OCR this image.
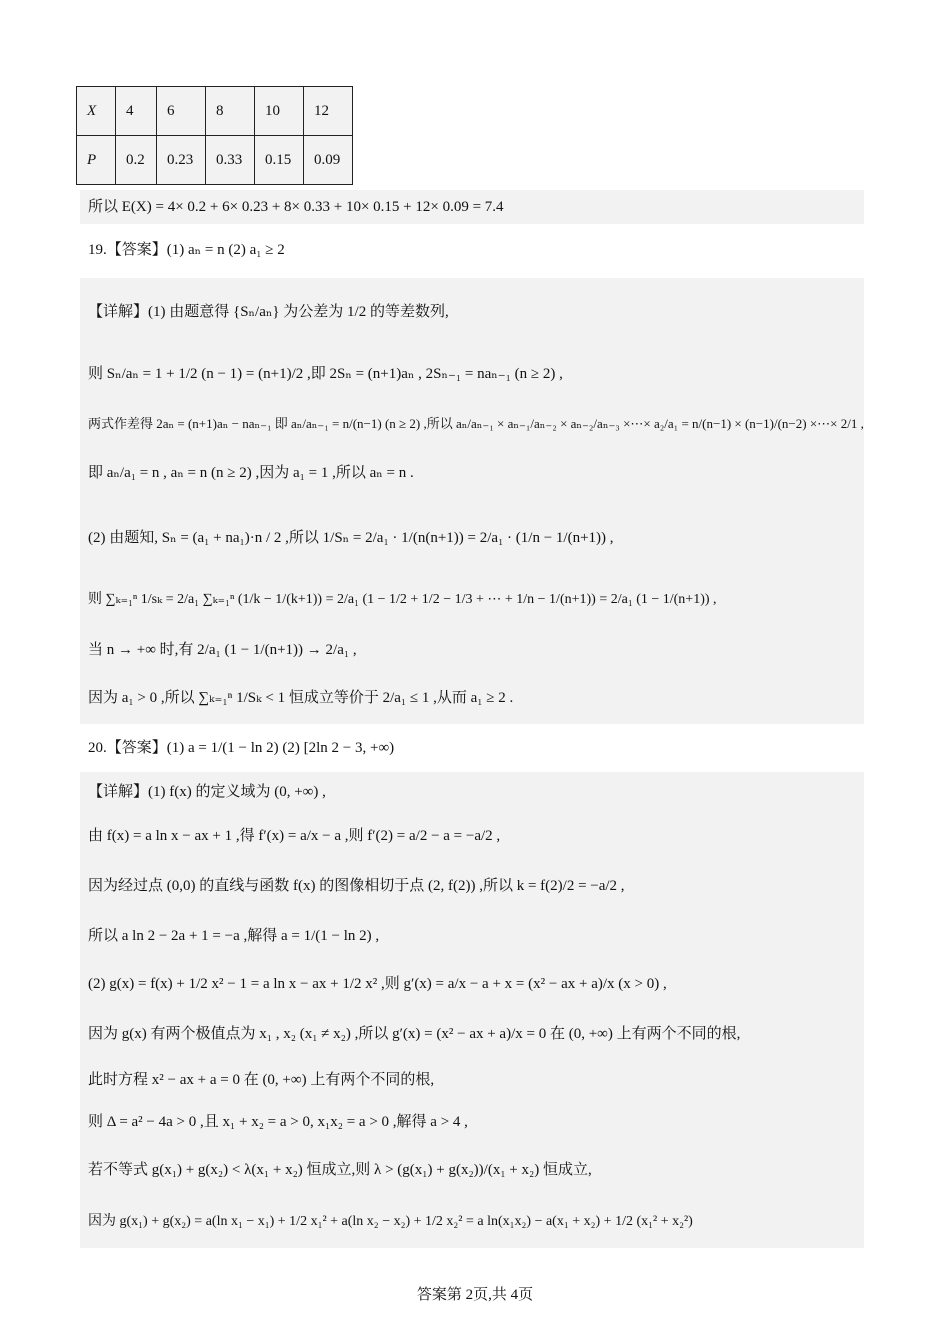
X	4	6	8	10	12
P	0.2	0.23	0.33	0.15	0.09
所以 E(X) = 4× 0.2 + 6× 0.23 + 8× 0.33 + 10× 0.15 + 12× 0.09 = 7.4
19.【答案】(1) aₙ = n (2) a₁ ≥ 2
【详解】(1) 由题意得 {Sₙ/aₙ} 为公差为 1/2 的等差数列,
则 Sₙ/aₙ = 1 + 1/2 (n − 1) = (n+1)/2 ,即 2Sₙ = (n+1)aₙ , 2Sₙ₋₁ = naₙ₋₁ (n ≥ 2) ,
两式作差得 2aₙ = (n+1)aₙ − naₙ₋₁ 即 aₙ/aₙ₋₁ = n/(n−1) (n ≥ 2) ,所以 aₙ/aₙ₋₁ × aₙ₋₁/aₙ₋₂ × aₙ₋₂/aₙ₋₃ ×⋯× a₂/a₁ = n/(n−1) × (n−1)/(n−2) ×⋯× 2/1 ,
即 aₙ/a₁ = n , aₙ = n (n ≥ 2) ,因为 a₁ = 1 ,所以 aₙ = n .
(2) 由题知, Sₙ = (a₁ + na₁)·n / 2 ,所以 1/Sₙ = 2/a₁ · 1/(n(n+1)) = 2/a₁ · (1/n − 1/(n+1)) ,
则 ∑ₖ₌₁ⁿ 1/sₖ = 2/a₁ ∑ₖ₌₁ⁿ (1/k − 1/(k+1)) = 2/a₁ (1 − 1/2 + 1/2 − 1/3 + ⋯ + 1/n − 1/(n+1)) = 2/a₁ (1 − 1/(n+1)) ,
当 n → +∞ 时,有 2/a₁ (1 − 1/(n+1)) → 2/a₁ ,
因为 a₁ > 0 ,所以 ∑ₖ₌₁ⁿ 1/Sₖ < 1 恒成立等价于 2/a₁ ≤ 1 ,从而 a₁ ≥ 2 .
20.【答案】(1) a = 1/(1 − ln 2) (2) [2ln 2 − 3, +∞)
【详解】(1) f(x) 的定义域为 (0, +∞) ,
由 f(x) = a ln x − ax + 1 ,得 f′(x) = a/x − a ,则 f′(2) = a/2 − a = −a/2 ,
因为经过点 (0,0) 的直线与函数 f(x) 的图像相切于点 (2, f(2)) ,所以 k = f(2)/2 = −a/2 ,
所以 a ln 2 − 2a + 1 = −a ,解得 a = 1/(1 − ln 2) ,
(2) g(x) = f(x) + 1/2 x² − 1 = a ln x − ax + 1/2 x² ,则 g′(x) = a/x − a + x = (x² − ax + a)/x (x > 0) ,
因为 g(x) 有两个极值点为 x₁ , x₂ (x₁ ≠ x₂) ,所以 g′(x) = (x² − ax + a)/x = 0 在 (0, +∞) 上有两个不同的根,
此时方程 x² − ax + a = 0 在 (0, +∞) 上有两个不同的根,
则 Δ = a² − 4a > 0 ,且 x₁ + x₂ = a > 0, x₁x₂ = a > 0 ,解得 a > 4 ,
若不等式 g(x₁) + g(x₂) < λ(x₁ + x₂) 恒成立,则 λ > (g(x₁) + g(x₂))/(x₁ + x₂) 恒成立,
因为 g(x₁) + g(x₂) = a(ln x₁ − x₁) + 1/2 x₁² + a(ln x₂ − x₂) + 1/2 x₂² = a ln(x₁x₂) − a(x₁ + x₂) + 1/2 (x₁² + x₂²)
答案第 2页,共 4页
